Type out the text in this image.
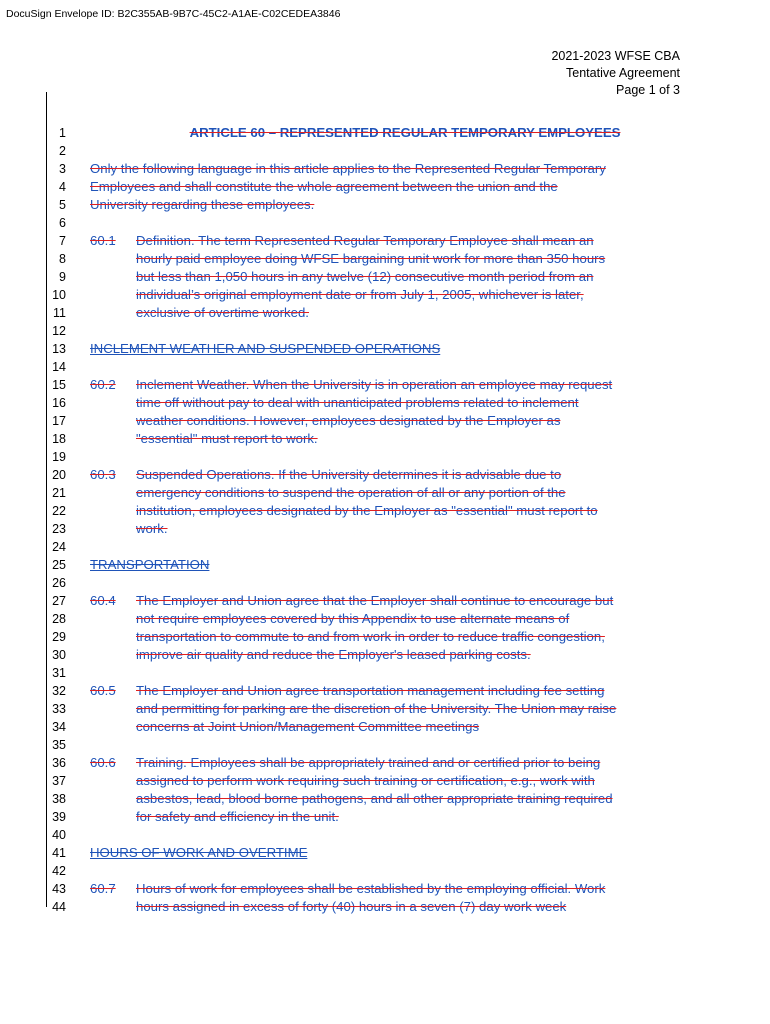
DocuSign Envelope ID: B2C355AB-9B7C-45C2-A1AE-C02CEDEA3846
2021-2023 WFSE CBA
Tentative Agreement
Page 1 of 3
1
2
3
4
5
6
7
8
9
10
11
12
13
14
15
16
17
18
19
20
21
22
23
24
25
26
27
28
29
30
31
32
33
34
35
36
37
38
39
40
41
42
43
44
ARTICLE 60 – REPRESENTED REGULAR TEMPORARY EMPLOYEES
Only the following language in this article applies to the Represented Regular Temporary
Employees and shall constitute the whole agreement between the union and the
University regarding these employees.
60.1 Definition. The term Represented Regular Temporary Employee shall mean an
hourly paid employee doing WFSE bargaining unit work for more than 350 hours
but less than 1,050 hours in any twelve (12) consecutive month period from an
individual’s original employment date or from July 1, 2005, whichever is later,
exclusive of overtime worked.
INCLEMENT WEATHER AND SUSPENDED OPERATIONS
60.2 Inclement Weather. When the University is in operation an employee may request
time off without pay to deal with unanticipated problems related to inclement
weather conditions. However, employees designated by the Employer as
"essential" must report to work.
60.3 Suspended Operations. If the University determines it is advisable due to
emergency conditions to suspend the operation of all or any portion of the
institution, employees designated by the Employer as "essential" must report to
work.
TRANSPORTATION
60.4 The Employer and Union agree that the Employer shall continue to encourage but
not require employees covered by this Appendix to use alternate means of
transportation to commute to and from work in order to reduce traffic congestion,
improve air quality and reduce the Employer's leased parking costs.
60.5 The Employer and Union agree transportation management including fee setting
and permitting for parking are the discretion of the University. The Union may raise
concerns at Joint Union/Management Committee meetings
60.6 Training. Employees shall be appropriately trained and or certified prior to being
assigned to perform work requiring such training or certification, e.g., work with
asbestos, lead, blood borne pathogens, and all other appropriate training required
for safety and efficiency in the unit.
HOURS OF WORK AND OVERTIME
60.7 Hours of work for employees shall be established by the employing official. Work
hours assigned in excess of forty (40) hours in a seven (7) day work week
